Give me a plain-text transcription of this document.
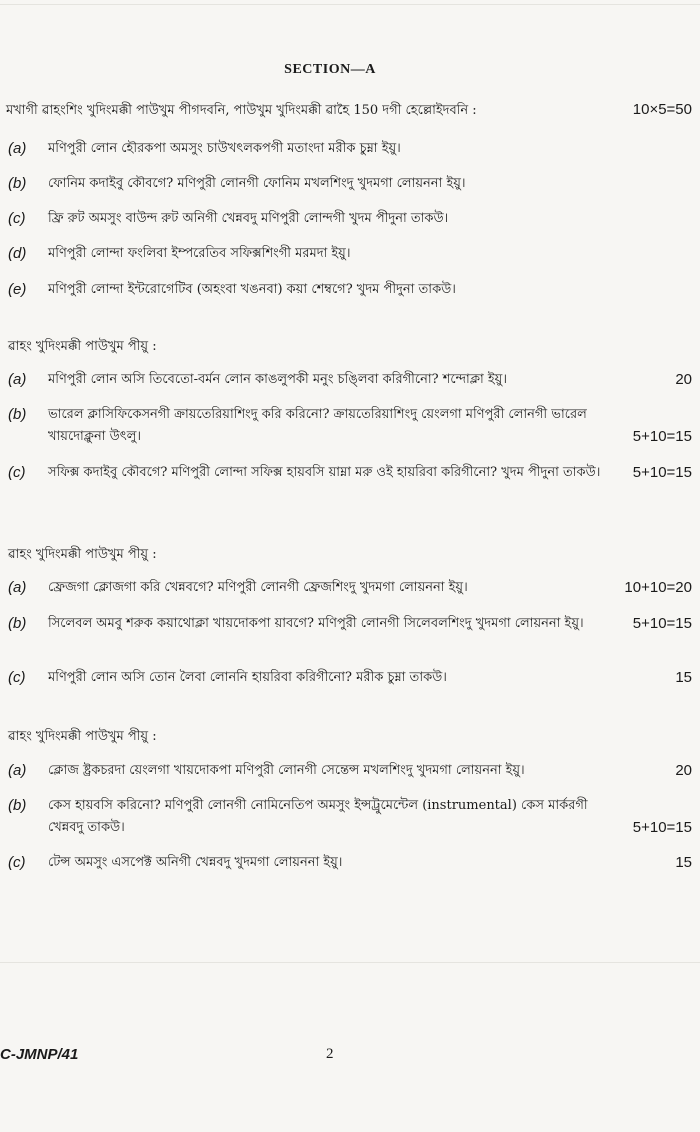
SECTION—A
মখাগী ৱাহংশিং খুদিংমক্কী পাউখুম পীগদবনি, পাউখুম খুদিংমক্কী ৱাহৈ 150 দগী হেল্লোইদবনি :	10×5=50
(a) মণিপুরী লোন হৌরকপা অমসুং চাউখৎলকপগী মতাংদা মরীক চুম্না ইয়ু।
(b) ফোনিম কদাইবু কৌবগে? মণিপুরী লোনগী ফোনিম মখলশিংদু খুদমগা লোয়ননা ইয়ু।
(c) ফ্রি রুট অমসুং বাউন্দ রুট অনিগী খেন্নবদু মণিপুরী লোন্দগী খুদম পীদুনা তাকউ।
(d) মণিপুরী লোন্দা ফংলিবা ইম্পরেতিব সফিক্সশিংগী মরমদা ইয়ু।
(e) মণিপুরী লোন্দা ইন্টরোগেটিব (অহংবা খঙনবা) কয়া শেম্বগে? খুদম পীদুনা তাকউ।
ৱাহং খুদিংমক্কী পাউখুম পীয়ু :
(a) মণিপুরী লোন অসি তিবেতো-বর্মন লোন কাঙলুপকী মনুং চঙ্লিবা করিগীনো? শন্দোক্লা ইয়ু।	20
(b) ভারেল ক্লাসিফিকেসনগী ক্রায়তেরিয়াশিংদু করি করিনো? ক্রায়তেরিয়াশিংদু য়েংলগা মণিপুরী লোনগী ভারেল খায়দোক্লুনা উৎলু।	5+10=15
(c) সফিক্স কদাইবু কৌবগে? মণিপুরী লোন্দা সফিক্স হায়বসি য়াম্না মরু ওই হায়রিবা করিগীনো? খুদম পীদুনা তাকউ।	5+10=15
ৱাহং খুদিংমক্কী পাউখুম পীয়ু :
(a) ফ্রেজগা ক্লোজগা করি খেন্নবগে? মণিপুরী লোনগী ফ্রেজশিংদু খুদমগা লোয়ননা ইয়ু।	10+10=20
(b) সিলেবল অমবু শরুক কয়াথোক্লা খায়দোকপা য়াবগে? মণিপুরী লোনগী সিলেবলশিংদু খুদমগা লোয়ননা ইয়ু।	5+10=15
(c) মণিপুরী লোন অসি তোন লৈবা লোননি হায়রিবা করিগীনো? মরীক চুম্না তাকউ।	15
ৱাহং খুদিংমক্কী পাউখুম পীয়ু :
(a) ক্লোজ ষ্ট্রকচরদা য়েংলগা খায়দোকপা মণিপুরী লোনগী সেন্তেন্স মখলশিংদু খুদমগা লোয়ননা ইয়ু।	20
(b) কেস হায়বসি করিনো? মণিপুরী লোনগী নোমিনেতিপ অমসুং ইন্সট্রুমেন্টেল (instrumental) কেস মার্করগী খেন্নবদু তাকউ।	5+10=15
(c) টেন্স অমসুং এসপেক্ট অনিগী খেন্নবদু খুদমগা লোয়ননা ইয়ু।	15
C-JMNP/41	2
